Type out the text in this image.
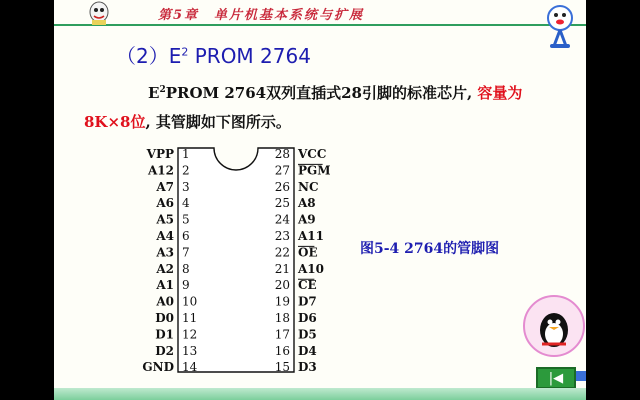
第5章　单片机基本系统与扩展
$(2)E^2$ PROM 2764
$E^2PROM$ 2764双列直插式28引脚的标准芯片, 容量为8K×8位, 其管脚如下图所示。
VPP 1
A12 2
A7 3
A6 4
A5 5
A4 6
A3 7
A2 8
A1 9
A0 10
D0 11
D1 12
D2 13
GND 14
28 VCC
27 PGM
26 NC
25 A8
24 A9
23 A11
22 OE
21 A10
20 CE
19 D7
18 D6
17 D5
16 D4
15 D3
图5-4 2764的管脚图
|◀
